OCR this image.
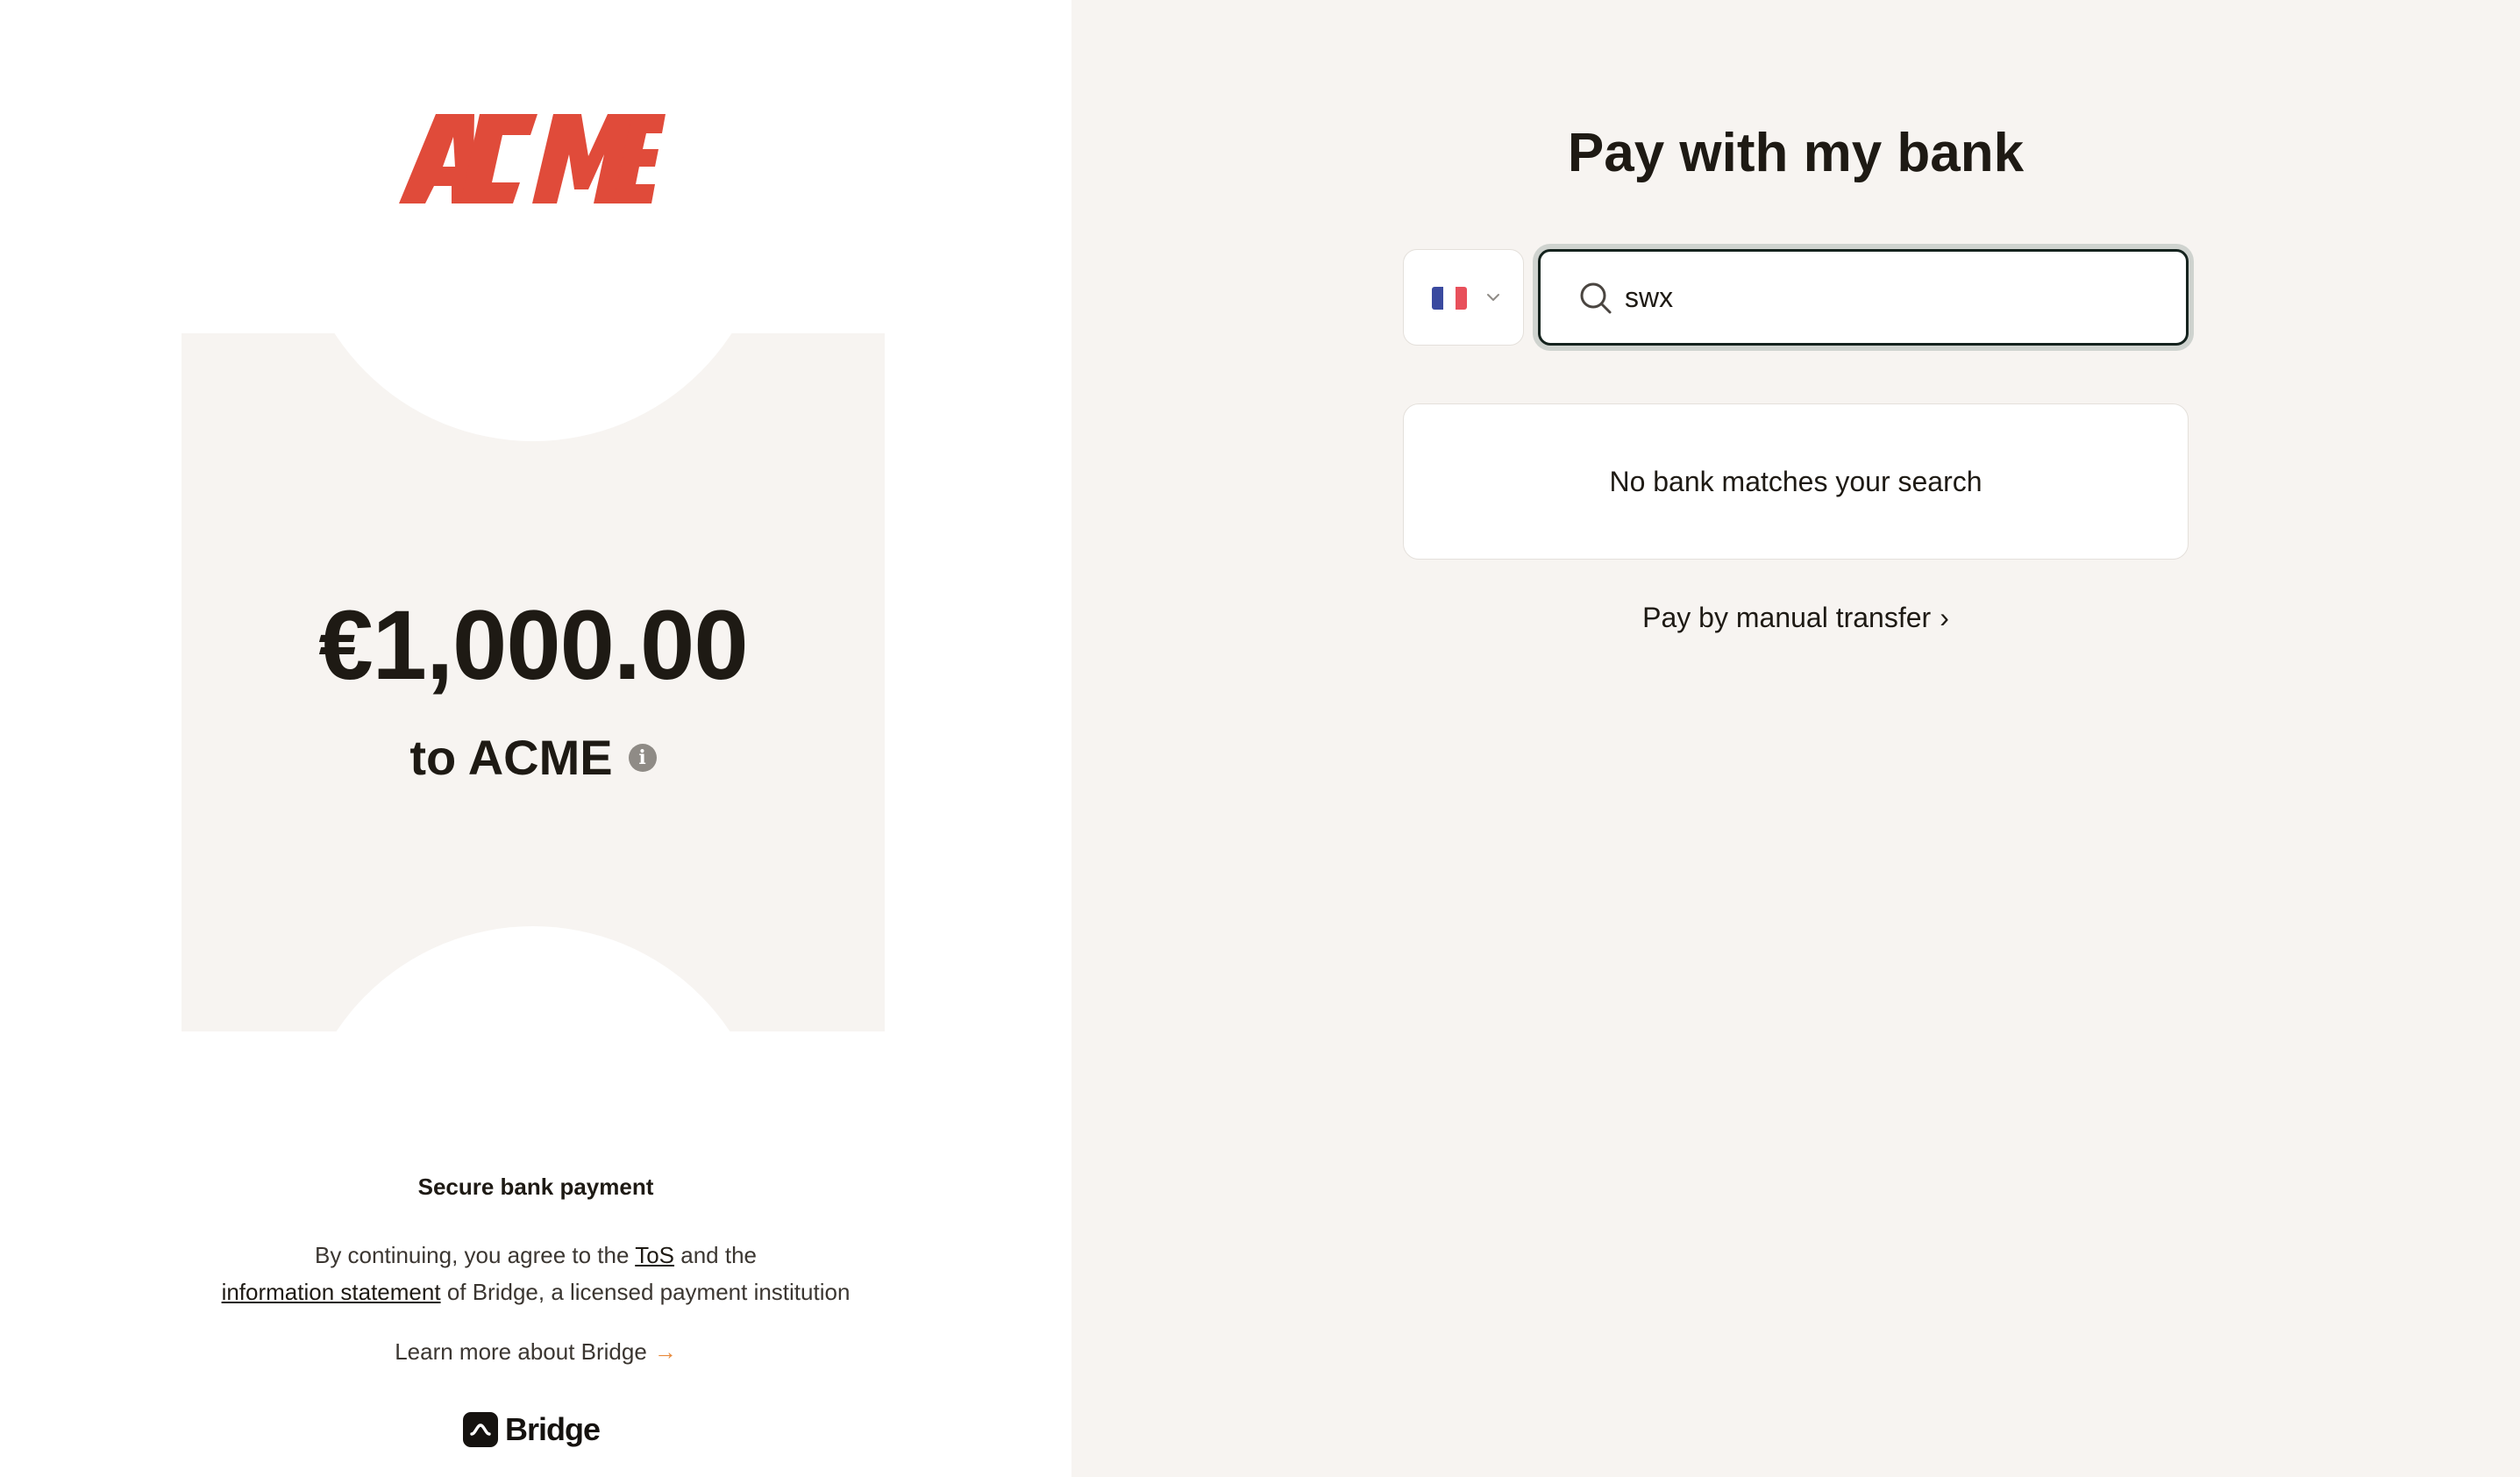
€1,000.00
to ACME i
Secure bank payment
By continuing, you agree to the ToS and the
information statement of Bridge, a licensed payment institution
Learn more about Bridge →
Bridge
Pay with my bank
swx
No bank matches your search
Pay by manual transfer ›
